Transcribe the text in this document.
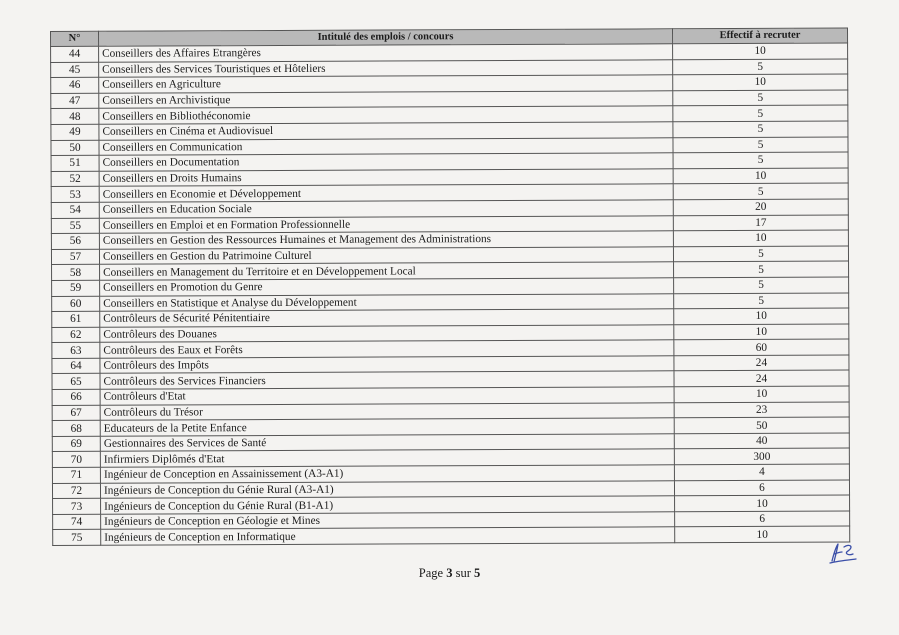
N°	Intitulé des emplois / concours	Effectif à recruter
44	Conseillers des Affaires Etrangères	10
45	Conseillers des Services Touristiques et Hôteliers	5
46	Conseillers en Agriculture	10
47	Conseillers en Archivistique	5
48	Conseillers en Bibliothéconomie	5
49	Conseillers en Cinéma et Audiovisuel	5
50	Conseillers en Communication	5
51	Conseillers en Documentation	5
52	Conseillers en Droits Humains	10
53	Conseillers en Economie et Développement	5
54	Conseillers en Education Sociale	20
55	Conseillers en Emploi et en Formation Professionnelle	17
56	Conseillers en Gestion des Ressources Humaines et Management des Administrations	10
57	Conseillers en Gestion du Patrimoine Culturel	5
58	Conseillers en Management du Territoire et en Développement Local	5
59	Conseillers en Promotion du Genre	5
60	Conseillers en Statistique et Analyse du Développement	5
61	Contrôleurs de Sécurité Pénitentiaire	10
62	Contrôleurs des Douanes	10
63	Contrôleurs des Eaux et Forêts	60
64	Contrôleurs des Impôts	24
65	Contrôleurs des Services Financiers	24
66	Contrôleurs d'Etat	10
67	Contrôleurs du Trésor	23
68	Educateurs de la Petite Enfance	50
69	Gestionnaires des Services de Santé	40
70	Infirmiers Diplômés d'Etat	300
71	Ingénieur de Conception en Assainissement (A3-A1)	4
72	Ingénieurs de Conception du Génie Rural (A3-A1)	6
73	Ingénieurs de Conception du Génie Rural (B1-A1)	10
74	Ingénieurs de Conception en Géologie et Mines	6
75	Ingénieurs de Conception en Informatique	10
Page 3 sur 5
